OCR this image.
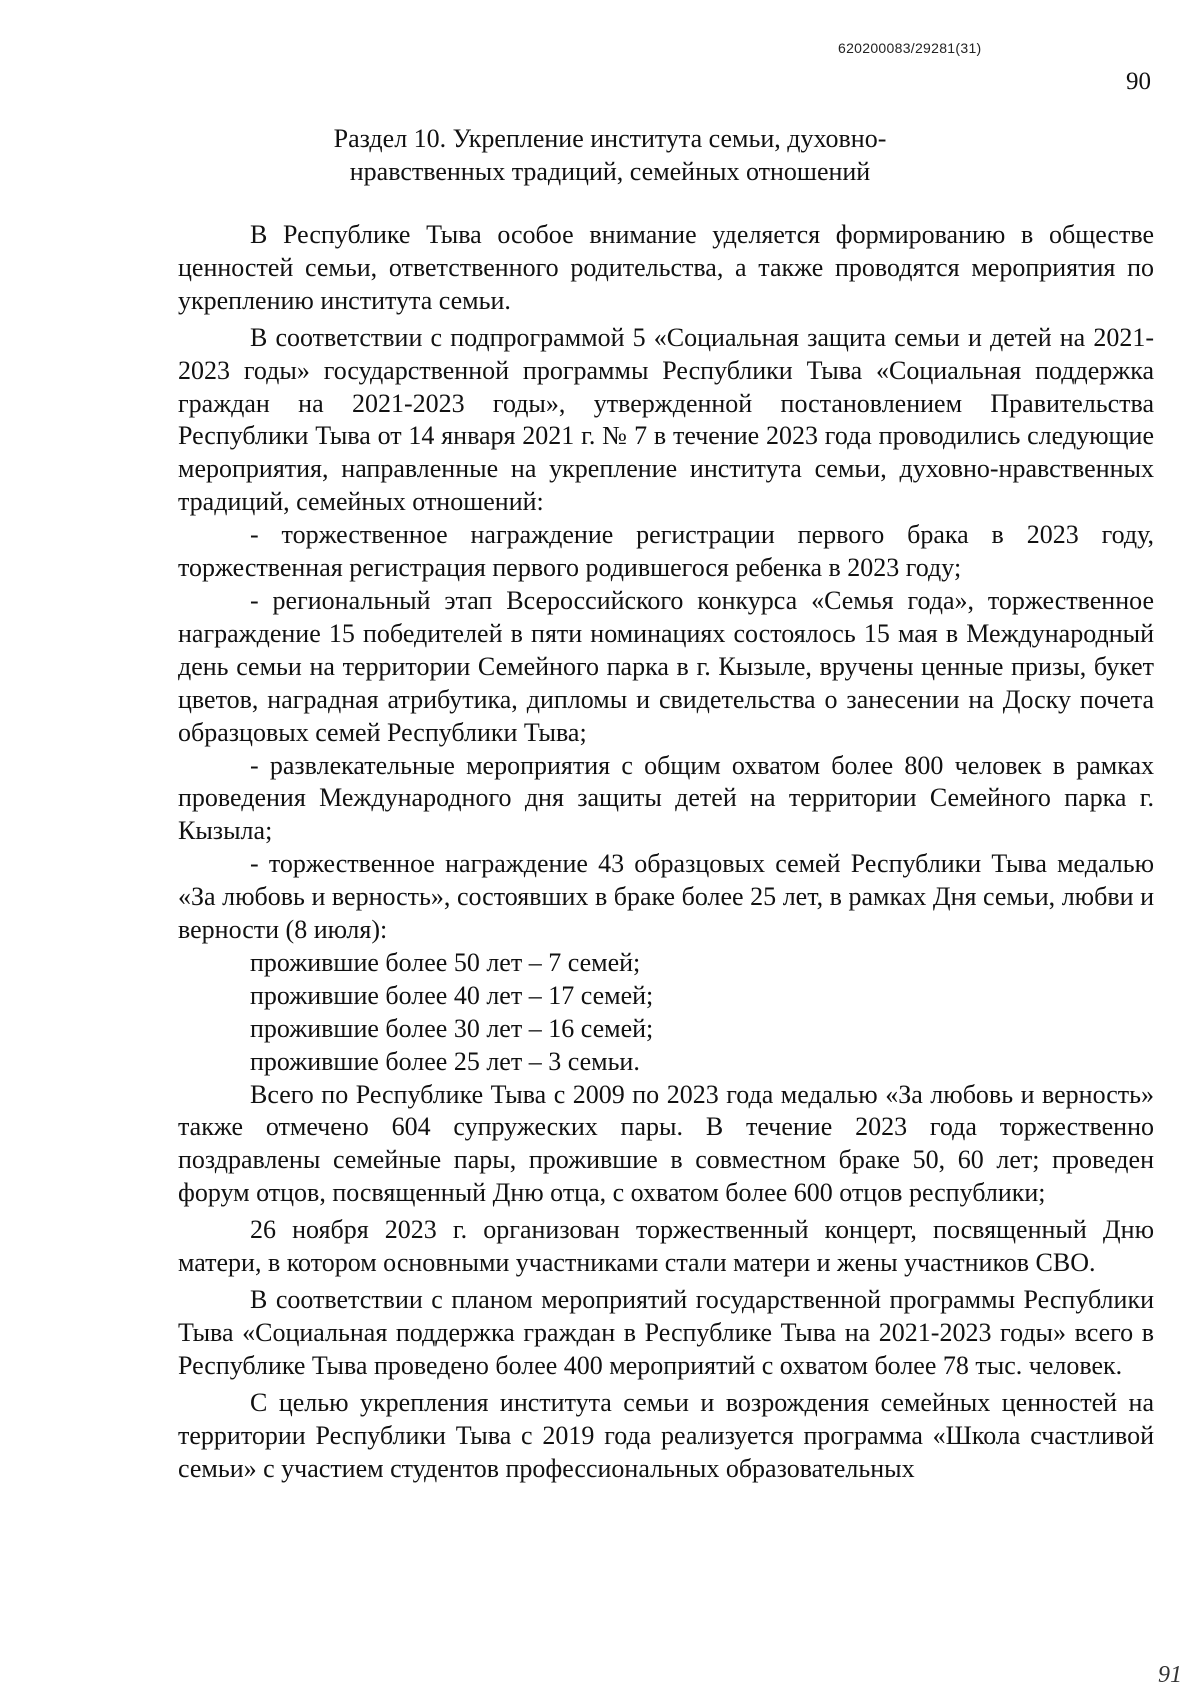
620200083/29281(31)
90
Раздел 10. Укрепление института семьи, духовно-
нравственных традиций, семейных отношений

В Республике Тыва особое внимание уделяется формированию в обществе ценностей семьи, ответственного родительства, а также проводятся мероприятия по укреплению института семьи.

В соответствии с подпрограммой 5 «Социальная защита семьи и детей на 2021-2023 годы» государственной программы Республики Тыва «Социальная поддержка граждан на 2021-2023 годы», утвержденной постановлением Правительства Республики Тыва от 14 января 2021 г. № 7 в течение 2023 года проводились следующие мероприятия, направленные на укрепление института семьи, духовно-нравственных традиций, семейных отношений:

- торжественное награждение регистрации первого брака в 2023 году, торжественная регистрация первого родившегося ребенка в 2023 году;

- региональный этап Всероссийского конкурса «Семья года», торжественное награждение 15 победителей в пяти номинациях состоялось 15 мая в Международный день семьи на территории Семейного парка в г. Кызыле, вручены ценные призы, букет цветов, наградная атрибутика, дипломы и свидетельства о занесении на Доску почета образцовых семей Республики Тыва;

- развлекательные мероприятия с общим охватом более 800 человек в рамках проведения Международного дня защиты детей на территории Семейного парка г. Кызыла;

- торжественное награждение 43 образцовых семей Республики Тыва медалью «За любовь и верность», состоявших в браке более 25 лет, в рамках Дня семьи, любви и верности (8 июля):

прожившие более 50 лет – 7 семей;
прожившие более 40 лет – 17 семей;
прожившие более 30 лет – 16 семей;
прожившие более 25 лет – 3 семьи.

Всего по Республике Тыва с 2009 по 2023 года медалью «За любовь и верность» также отмечено 604 супружеских пары. В течение 2023 года торжественно поздравлены семейные пары, прожившие в совместном браке 50, 60 лет; проведен форум отцов, посвященный Дню отца, с охватом более 600 отцов республики;

26 ноября 2023 г. организован торжественный концерт, посвященный Дню матери, в котором основными участниками стали матери и жены участников СВО.

В соответствии с планом мероприятий государственной программы Республики Тыва «Социальная поддержка граждан в Республике Тыва на 2021-2023 годы» всего в Республике Тыва проведено более 400 мероприятий с охватом более 78 тыс. человек.

С целью укрепления института семьи и возрождения семейных ценностей на территории Республики Тыва с 2019 года реализуется программа «Школа счастливой семьи» с участием студентов профессиональных образовательных

91
